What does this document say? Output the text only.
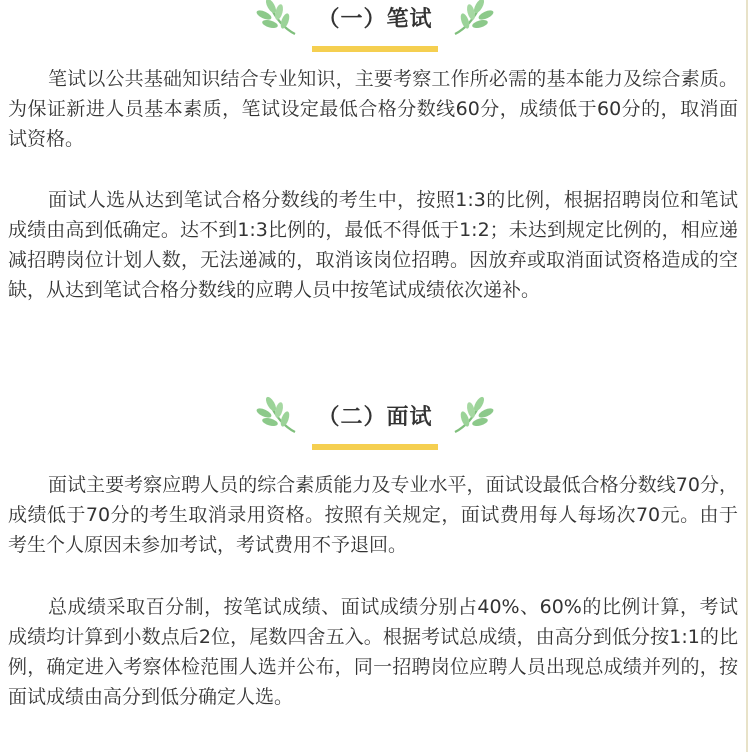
（一）笔试

笔试以公共基础知识结合专业知识，主要考察工作所必需的基本能力及综合素质。为保证新进人员基本素质，笔试设定最低合格分数线60分，成绩低于60分的，取消面试资格。

面试人选从达到笔试合格分数线的考生中，按照1:3的比例，根据招聘岗位和笔试成绩由高到低确定。达不到1:3比例的，最低不得低于1:2；未达到规定比例的，相应递减招聘岗位计划人数，无法递减的，取消该岗位招聘。因放弃或取消面试资格造成的空缺，从达到笔试合格分数线的应聘人员中按笔试成绩依次递补。

（二）面试

面试主要考察应聘人员的综合素质能力及专业水平，面试设最低合格分数线70分，成绩低于70分的考生取消录用资格。按照有关规定，面试费用每人每场次70元。由于考生个人原因未参加考试，考试费用不予退回。

总成绩采取百分制，按笔试成绩、面试成绩分别占40%、60%的比例计算，考试成绩均计算到小数点后2位，尾数四舍五入。根据考试总成绩，由高分到低分按1:1的比例，确定进入考察体检范围人选并公布，同一招聘岗位应聘人员出现总成绩并列的，按面试成绩由高分到低分确定人选。
